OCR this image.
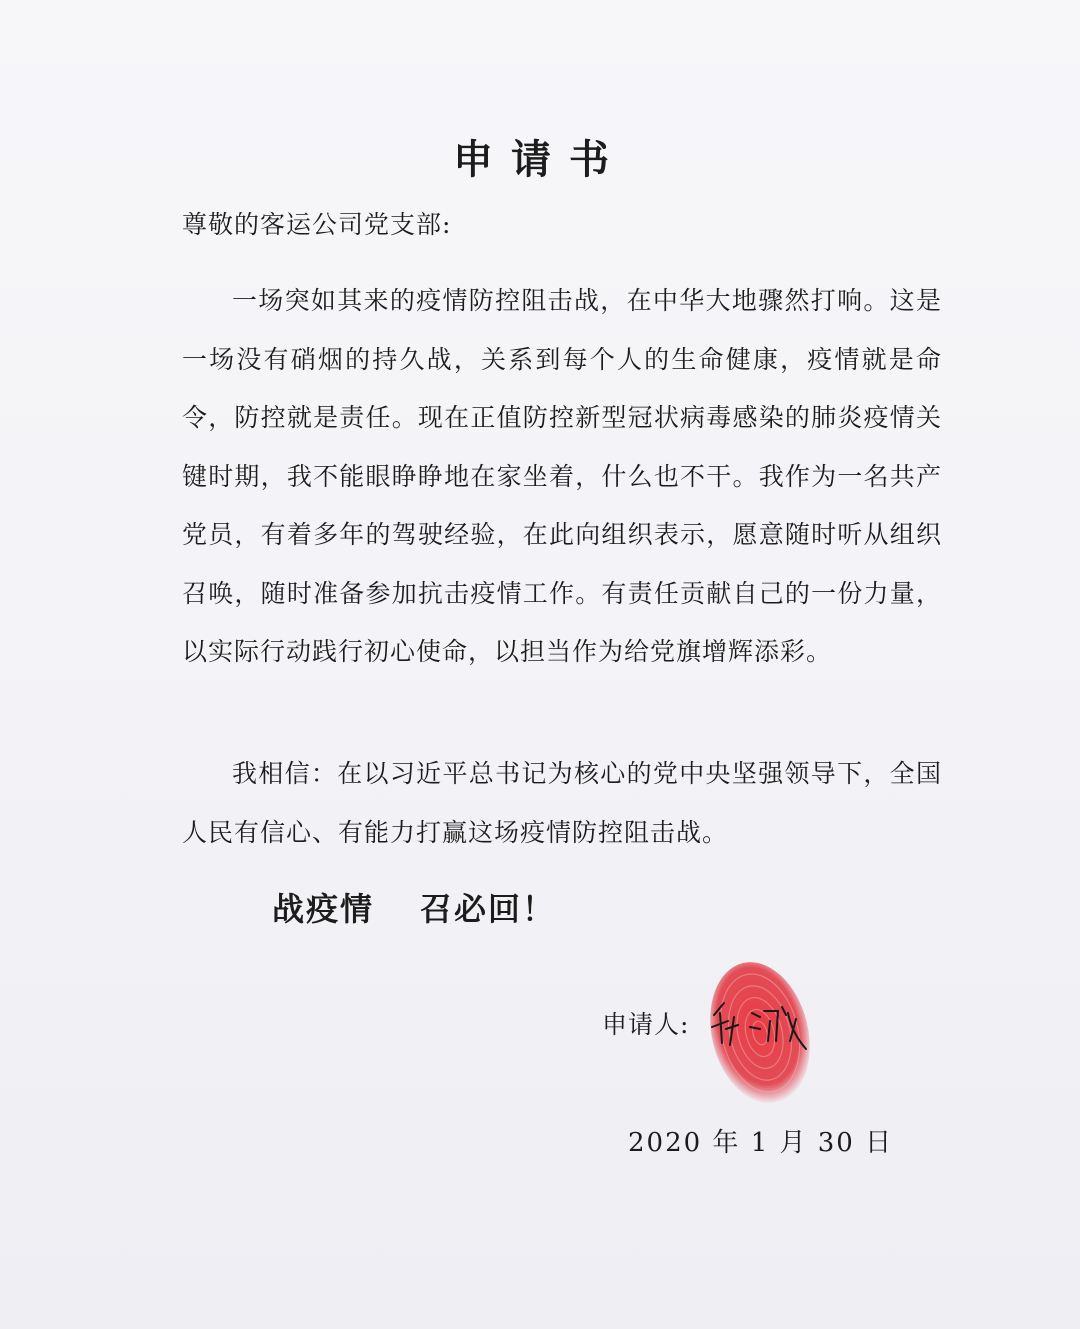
申请书
尊敬的客运公司党支部:

一场突如其来的疫情防控阻击战，在中华大地骤然打响。这是一场没有硝烟的持久战，关系到每个人的生命健康，疫情就是命令，防控就是责任。现在正值防控新型冠状病毒感染的肺炎疫情关键时期，我不能眼睁睁地在家坐着，什么也不干。我作为一名共产党员，有着多年的驾驶经验，在此向组织表示，愿意随时听从组织召唤，随时准备参加抗击疫情工作。有责任贡献自己的一份力量，以实际行动践行初心使命，以担当作为给党旗增辉添彩。

我相信：在以习近平总书记为核心的党中央坚强领导下，全国人民有信心、有能力打赢这场疫情防控阻击战。

战疫情 召必回！
申请人:
2020 年 1 月 30 日
